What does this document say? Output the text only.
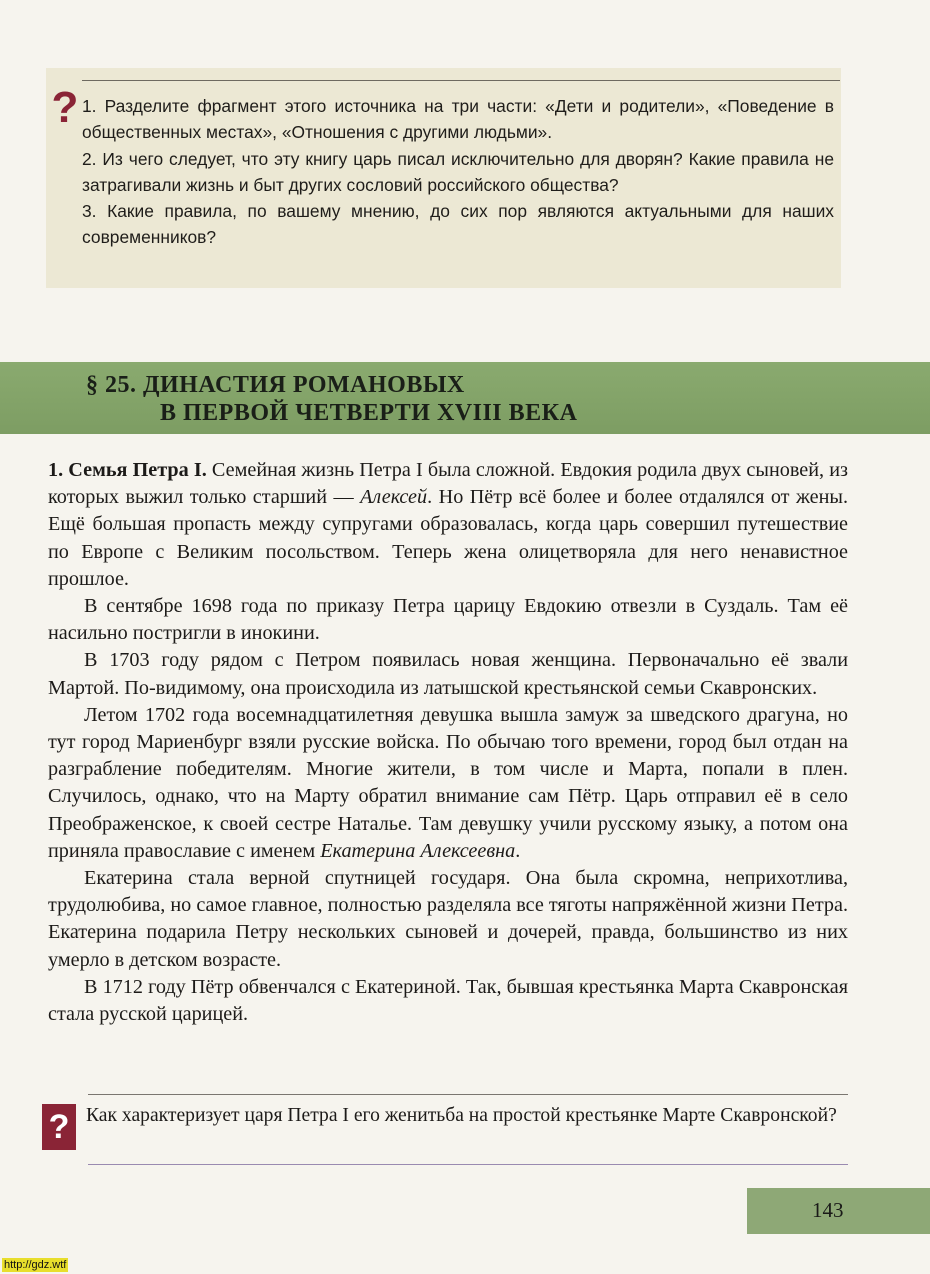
? 1. Разделите фрагмент этого источника на три части: «Дети и родители», «Поведение в общественных местах», «Отношения с другими людьми».

2. Из чего следует, что эту книгу царь писал исключительно для дворян? Какие правила не затрагивали жизнь и быт других сословий российского общества?

3. Какие правила, по вашему мнению, до сих пор являются актуальными для наших современников?

§ 25. ДИНАСТИЯ РОМАНОВЫХ
В ПЕРВОЙ ЧЕТВЕРТИ XVIII ВЕКА

1. Семья Петра I. Семейная жизнь Петра I была сложной. Евдокия родила двух сыновей, из которых выжил только старший — Алексей. Но Пётр всё более и более отдалялся от жены. Ещё большая пропасть между супругами образовалась, когда царь совершил путешествие по Европе с Великим посольством. Теперь жена олицетворяла для него ненавистное прошлое.

В сентябре 1698 года по приказу Петра царицу Евдокию отвезли в Суздаль. Там её насильно постригли в инокини.

В 1703 году рядом с Петром появилась новая женщина. Первоначально её звали Мартой. По-видимому, она происходила из латышской крестьянской семьи Скавронских.

Летом 1702 года восемнадцатилетняя девушка вышла замуж за шведского драгуна, но тут город Мариенбург взяли русские войска. По обычаю того времени, город был отдан на разграбление победителям. Многие жители, в том числе и Марта, попали в плен. Случилось, однако, что на Марту обратил внимание сам Пётр. Царь отправил её в село Преображенское, к своей сестре Наталье. Там девушку учили русскому языку, а потом она приняла православие с именем Екатерина Алексеевна.

Екатерина стала верной спутницей государя. Она была скромна, неприхотлива, трудолюбива, но самое главное, полностью разделяла все тяготы напряжённой жизни Петра. Екатерина подарила Петру нескольких сыновей и дочерей, правда, большинство из них умерло в детском возрасте.

В 1712 году Пётр обвенчался с Екатериной. Так, бывшая крестьянка Марта Скавронская стала русской царицей.

? Как характеризует царя Петра I его женитьба на простой крестьянке Марте Скавронской?
143
http://gdz.wtf
